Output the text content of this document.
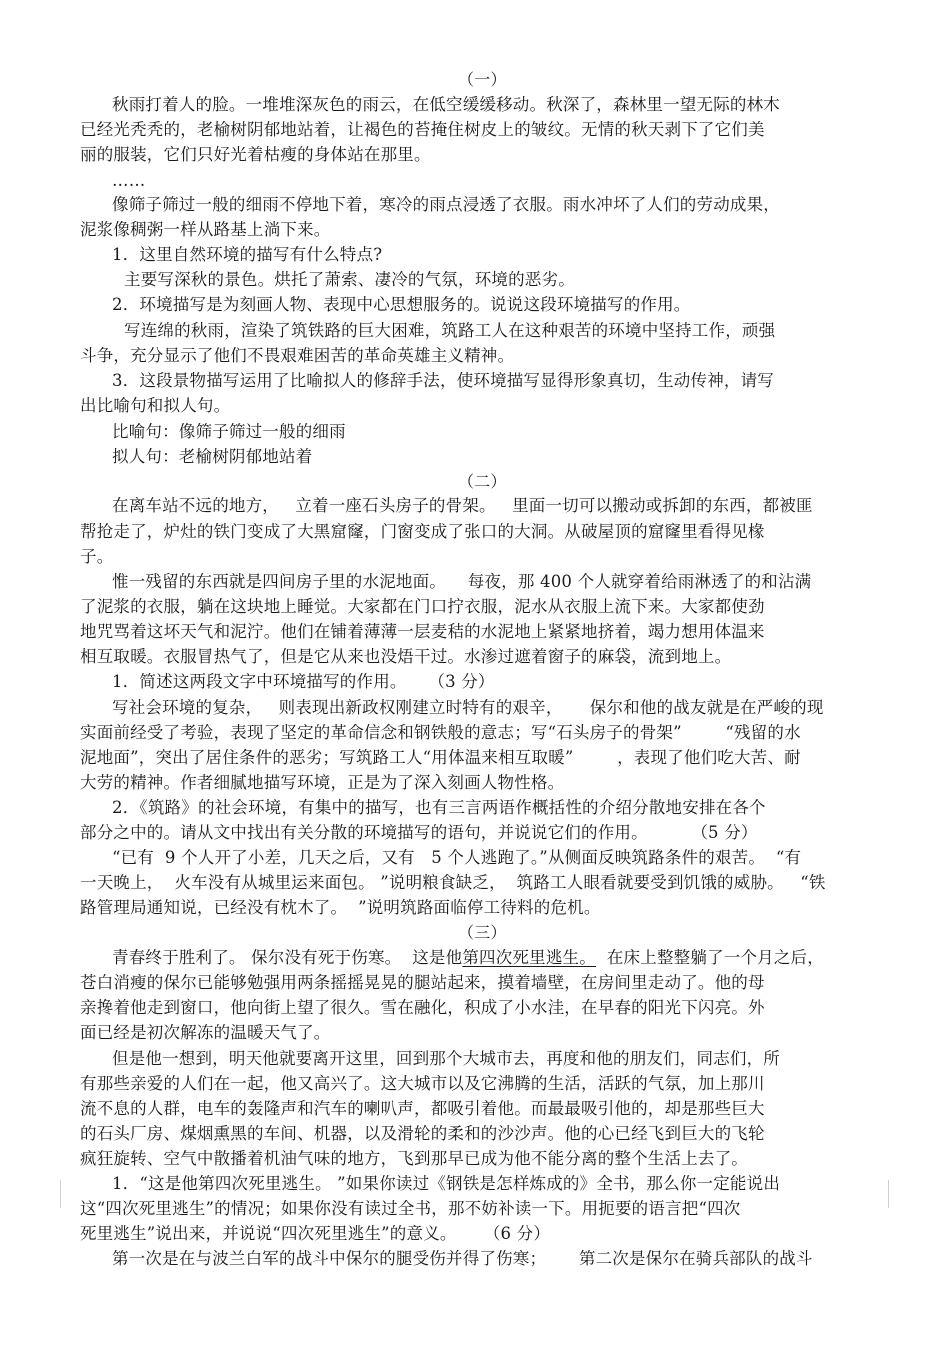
（一）
秋雨打着人的脸。一堆堆深灰色的雨云，在低空缓缓移动。秋深了，森林里一望无际的林木
已经光秃秃的，老榆树阴郁地站着，让褐色的苔掩住树皮上的皱纹。无情的秋天剥下了它们美
丽的服装，它们只好光着枯瘦的身体站在那里。
……
像筛子筛过一般的细雨不停地下着，寒冷的雨点浸透了衣服。雨水冲坏了人们的劳动成果，
泥浆像稠粥一样从路基上淌下来。
1．这里自然环境的描写有什么特点?
主要写深秋的景色。烘托了萧索、凄冷的气氛，环境的恶劣。
2．环境描写是为刻画人物、表现中心思想服务的。说说这段环境描写的作用。
写连绵的秋雨，渲染了筑铁路的巨大困难，筑路工人在这种艰苦的环境中坚持工作，顽强
斗争，充分显示了他们不畏艰难困苦的革命英雄主义精神。
3．这段景物描写运用了比喻拟人的修辞手法，使环境描写显得形象真切，生动传神，请写
出比喻句和拟人句。
比喻句：像筛子筛过一般的细雨
拟人句：老榆树阴郁地站着
（二）
在离车站不远的地方，   立着一座石头房子的骨架。   里面一切可以搬动或拆卸的东西，都被匪
帮抢走了，炉灶的铁门变成了大黑窟窿，门窗变成了张口的大洞。从破屋顶的窟窿里看得见椽
子。
惟一残留的东西就是四间房子里的水泥地面。    每夜，那 400 个人就穿着给雨淋透了的和沾满
了泥浆的衣服，躺在这块地上睡觉。大家都在门口拧衣服，泥水从衣服上流下来。大家都使劲
地咒骂着这坏天气和泥泞。他们在铺着薄薄一层麦秸的水泥地上紧紧地挤着，竭力想用体温来
相互取暖。衣服冒热气了，但是它从来也没焐干过。水渗过遮着窗子的麻袋，流到地上。
1．简述这两段文字中环境描写的作用。    （3 分）
写社会环境的复杂，   则表现出新政权刚建立时特有的艰辛，     保尔和他的战友就是在严峻的现
实面前经受了考验，表现了坚定的革命信念和钢铁般的意志；写“石头房子的骨架”        “残留的水
泥地面”，突出了居住条件的恶劣；写筑路工人“用体温来相互取暖”        ，表现了他们吃大苦、耐
大劳的精神。作者细腻地描写环境，正是为了深入刻画人物性格。
2．《筑路》的社会环境，有集中的描写，也有三言两语作概括性的介绍分散地安排在各个
部分之中的。请从文中找出有关分散的环境描写的语句，并说说它们的作用。        （5 分）
“已有  9 个人开了小差，几天之后，又有   5 个人逃跑了。”从侧面反映筑路条件的艰苦。  “有
一天晚上，  火车没有从城里运来面包。 ”说明粮食缺乏，  筑路工人眼看就要受到饥饿的威胁。   “铁
路管理局通知说，已经没有枕木了。  ”说明筑路面临停工待料的危机。
（三）
青春终于胜利了。 保尔没有死于伤寒。  这是他第四次死里逃生。  在床上整整躺了一个月之后，
苍白消瘦的保尔已能够勉强用两条摇摇晃晃的腿站起来，摸着墙壁，在房间里走动了。他的母
亲搀着他走到窗口，他向街上望了很久。雪在融化，积成了小水洼，在早春的阳光下闪亮。外
面已经是初次解冻的温暖天气了。
但是他一想到，明天他就要离开这里，回到那个大城市去，再度和他的朋友们，同志们，所
有那些亲爱的人们在一起，他又高兴了。这大城市以及它沸腾的生活，活跃的气氛，加上那川
流不息的人群，电车的轰隆声和汽车的喇叭声，都吸引着他。而最最吸引他的，却是那些巨大
的石头厂房、煤烟熏黑的车间、机器，以及滑轮的柔和的沙沙声。他的心已经飞到巨大的飞轮
疯狂旋转、空气中散播着机油气味的地方，飞到那早已成为他不能分离的整个生活上去了。
1．“这是他第四次死里逃生。 ”如果你读过《钢铁是怎样炼成的》全书，那么你一定能说出
这“四次死里逃生”的情况；如果你没有读过全书，那不妨补读一下。用扼要的语言把“四次
死里逃生”说出来，并说说“四次死里逃生”的意义。     （6 分）
第一次是在与波兰白军的战斗中保尔的腿受伤并得了伤寒；      第二次是保尔在骑兵部队的战斗
